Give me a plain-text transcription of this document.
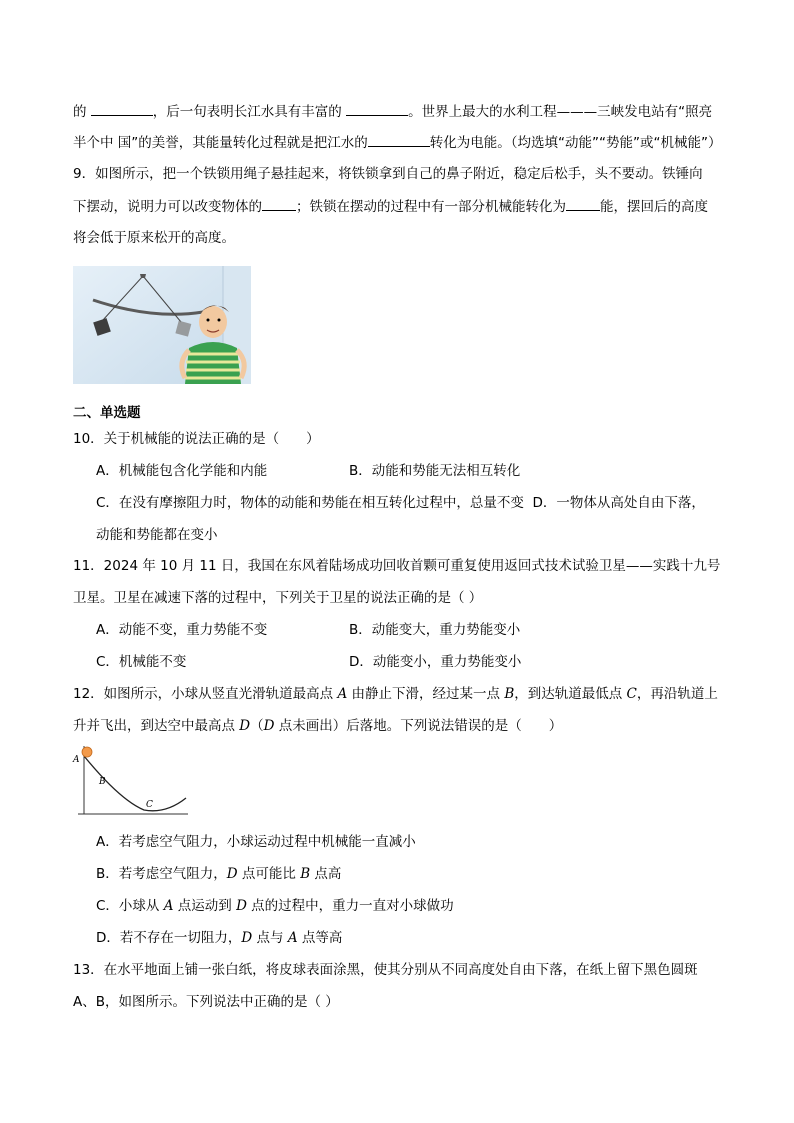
的	，后一句表明长江水具有丰富的	。世界上最大的水利工程———三峡发电站有“照亮
半个中 国”的美誉，其能量转化过程就是把江水的	转化为电能。（均选填“动能”“势能”或“机械能”）
9．如图所示，把一个铁锁用绳子悬挂起来，将铁锁拿到自己的鼻子附近，稳定后松手，头不要动。铁锤向
下摆动，说明力可以改变物体的	；铁锁在摆动的过程中有一部分机械能转化为	能，摆回后的高度
将会低于原来松开的高度。
二、单选题
10．关于机械能的说法正确的是（　　）
A．机械能包含化学能和内能	B．动能和势能无法相互转化
C．在没有摩擦阻力时，物体的动能和势能在相互转化过程中，总量不变 D．一物体从高处自由下落，
动能和势能都在变小
11．2024 年 10 月 11 日，我国在东风着陆场成功回收首颗可重复使用返回式技术试验卫星——实践十九号
卫星。卫星在减速下落的过程中，下列关于卫星的说法正确的是（ ）
A．动能不变，重力势能不变	B．动能变大，重力势能变小
C．机械能不变	D．动能变小，重力势能变小
12．如图所示，小球从竖直光滑轨道最高点 A 由静止下滑，经过某一点 B，到达轨道最低点 C，再沿轨道上
升并飞出，到达空中最高点 D（D 点未画出）后落地。下列说法错误的是（　　）
A
B
C
A．若考虑空气阻力，小球运动过程中机械能一直减小
B．若考虑空气阻力，D 点可能比 B 点高
C．小球从 A 点运动到 D 点的过程中，重力一直对小球做功
D．若不存在一切阻力，D 点与 A 点等高
13．在水平地面上铺一张白纸，将皮球表面涂黑，使其分别从不同高度处自由下落，在纸上留下黑色圆斑
A、B，如图所示。下列说法中正确的是（ ）
